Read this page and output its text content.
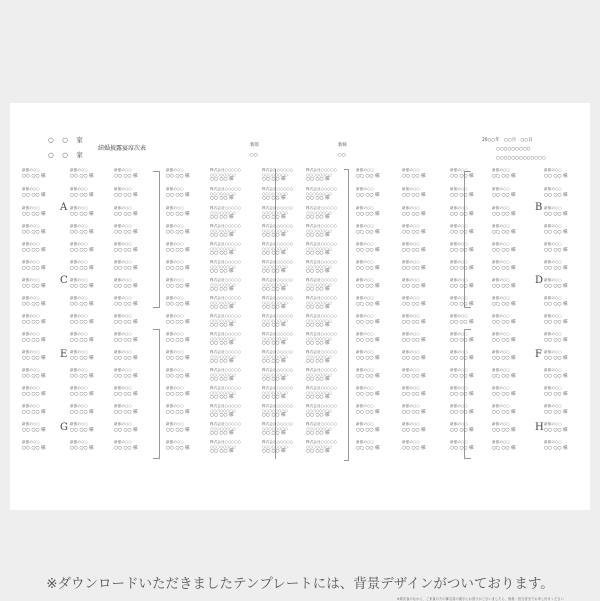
○　○　家
○　○　家
結婚披露宴席次表	新郎
○○
新婦
○○
20○○年　○○月　○○日
○○○○○○○○○
○○○○○○○○○○○○○
A	B
C	D
E	F
G	H
新郎の○○
○○ ○○ 様
新郎の○○
○○ ○○ 様
新郎の○○
○○ ○○ 様
新郎の○○
○○ ○○ 様
新郎の○○
○○ ○○ 様
新郎の○○
○○ ○○ 様
新郎の○○
○○ ○○ 様
新郎の○○
○○ ○○ 様
新郎の○○
○○ ○○ 様
新郎の○○
○○ ○○ 様
新郎の○○
○○ ○○ 様
新郎の○○
○○ ○○ 様
新郎の○○
○○ ○○ 様
新郎の○○
○○ ○○ 様
新郎の○○
○○ ○○ 様
新郎の○○
○○ ○○ 様
新郎の○○
○○ ○○ 様
新郎の○○
○○ ○○ 様
新郎の○○
○○ ○○ 様
新郎の○○
○○ ○○ 様
新郎の○○
○○ ○○ 様
新郎の○○
○○ ○○ 様
新郎の○○
○○ ○○ 様
新郎の○○
○○ ○○ 様
新郎の○○
○○ ○○ 様
新郎の○○
○○ ○○ 様
新郎の○○
○○ ○○ 様
新郎の○○
○○ ○○ 様
新郎の○○
○○ ○○ 様
新郎の○○
○○ ○○ 様
新郎の○○
○○ ○○ 様
新郎の○○
○○ ○○ 様
新郎の○○
○○ ○○ 様
新郎の○○
○○ ○○ 様
新郎の○○
○○ ○○ 様
新郎の○○
○○ ○○ 様
新郎の○○
○○ ○○ 様
新郎の○○
○○ ○○ 様
新郎の○○
○○ ○○ 様
新郎の○○
○○ ○○ 様
新郎の○○
○○ ○○ 様
新郎の○○
○○ ○○ 様
新郎の○○
○○ ○○ 様
新郎の○○
○○ ○○ 様
新郎の○○
○○ ○○ 様
新郎の○○
○○ ○○ 様
新郎の○○
○○ ○○ 様
新郎の○○
○○ ○○ 様
新郎の○○
○○ ○○ 様
新郎の○○
○○ ○○ 様
新郎の○○
○○ ○○ 様
新郎の○○
○○ ○○ 様
新郎の○○
○○ ○○ 様
新郎の○○
○○ ○○ 様
新郎の○○
○○ ○○ 様
新郎の○○
○○ ○○ 様
新郎の○○
○○ ○○ 様
新郎の○○
○○ ○○ 様
新郎の○○
○○ ○○ 様
新郎の○○
○○ ○○ 様
新郎の○○
○○ ○○ 様
新郎の○○
○○ ○○ 様
新郎の○○
○○ ○○ 様
新郎の○○
○○ ○○ 様
株式会社○○○○○
○○○○○○○○
○○ ○○ 様
株式会社○○○○○
○○○○○○○○
○○ ○○ 様
株式会社○○○○○
○○○○○○○○
○○ ○○ 様
株式会社○○○○○
○○○○○○○○
○○ ○○ 様
株式会社○○○○○
○○○○○○○○
○○ ○○ 様
株式会社○○○○○
○○○○○○○○
○○ ○○ 様
株式会社○○○○○
○○○○○○○○
○○ ○○ 様
株式会社○○○○○
○○○○○○○○
○○ ○○ 様
株式会社○○○○○
○○○○○○○○
○○ ○○ 様
株式会社○○○○○
○○○○○○○○
○○ ○○ 様
株式会社○○○○○
○○○○○○○○
○○ ○○ 様
株式会社○○○○○
○○○○○○○○
○○ ○○ 様
株式会社○○○○○
○○○○○○○○
○○ ○○ 様
株式会社○○○○○
○○○○○○○○
○○ ○○ 様
株式会社○○○○○
○○○○○○○○
○○ ○○ 様
株式会社○○○○○
○○○○○○○○
○○ ○○ 様
株式会社○○○○○
○○○○○○○○
○○ ○○ 様
株式会社○○○○○
○○○○○○○○
○○ ○○ 様
株式会社○○○○○
○○○○○○○○
○○ ○○ 様
株式会社○○○○○
○○○○○○○○
○○ ○○ 様
株式会社○○○○○
○○○○○○○○
○○ ○○ 様
株式会社○○○○○
○○○○○○○○
○○ ○○ 様
株式会社○○○○○
○○○○○○○○
○○ ○○ 様
株式会社○○○○○
○○○○○○○○
○○ ○○ 様
株式会社○○○○○
○○○○○○○○
○○ ○○ 様
株式会社○○○○○
○○○○○○○○
○○ ○○ 様
株式会社○○○○○
○○○○○○○○
○○ ○○ 様
株式会社○○○○○
○○○○○○○○
○○ ○○ 様
株式会社○○○○○
○○○○○○○○
○○ ○○ 様
株式会社○○○○○
○○○○○○○○
○○ ○○ 様
株式会社○○○○○
○○○○○○○○
○○ ○○ 様
株式会社○○○○○
○○○○○○○○
○○ ○○ 様
株式会社○○○○○
○○○○○○○○
○○ ○○ 様
株式会社○○○○○
○○○○○○○○
○○ ○○ 様
株式会社○○○○○
○○○○○○○○
○○ ○○ 様
株式会社○○○○○
○○○○○○○○
○○ ○○ 様
株式会社○○○○○
○○○○○○○○
○○ ○○ 様
株式会社○○○○○
○○○○○○○○
○○ ○○ 様
株式会社○○○○○
○○○○○○○○
○○ ○○ 様
株式会社○○○○○
○○○○○○○○
○○ ○○ 様
株式会社○○○○○
○○○○○○○○
○○ ○○ 様
株式会社○○○○○
○○○○○○○○
○○ ○○ 様
株式会社○○○○○
○○○○○○○○
○○ ○○ 様
株式会社○○○○○
○○○○○○○○
○○ ○○ 様
株式会社○○○○○
○○○○○○○○
○○ ○○ 様
株式会社○○○○○
○○○○○○○○
○○ ○○ 様
株式会社○○○○○
○○○○○○○○
○○ ○○ 様
株式会社○○○○○
○○○○○○○○
○○ ○○ 様
新郎の○○
○○ ○○ 様
新郎の○○
○○ ○○ 様
新郎の○○
○○ ○○ 様
新郎の○○
○○ ○○ 様
新郎の○○
○○ ○○ 様
新郎の○○
○○ ○○ 様
新郎の○○
○○ ○○ 様
新郎の○○
○○ ○○ 様
新郎の○○
○○ ○○ 様
新郎の○○
○○ ○○ 様
新郎の○○
○○ ○○ 様
新郎の○○
○○ ○○ 様
新郎の○○
○○ ○○ 様
新郎の○○
○○ ○○ 様
新郎の○○
○○ ○○ 様
新郎の○○
○○ ○○ 様
新郎の○○
○○ ○○ 様
新郎の○○
○○ ○○ 様
新郎の○○
○○ ○○ 様
新郎の○○
○○ ○○ 様
新郎の○○
○○ ○○ 様
新郎の○○
○○ ○○ 様
新郎の○○
○○ ○○ 様
新郎の○○
○○ ○○ 様
新郎の○○
○○ ○○ 様
新郎の○○
○○ ○○ 様
新郎の○○
○○ ○○ 様
新郎の○○
○○ ○○ 様
新郎の○○
○○ ○○ 様
新郎の○○
○○ ○○ 様
新郎の○○
○○ ○○ 様
新郎の○○
○○ ○○ 様
新郎の○○
○○ ○○ 様
新郎の○○
○○ ○○ 様
新郎の○○
○○ ○○ 様
新郎の○○
○○ ○○ 様
新郎の○○
○○ ○○ 様
新郎の○○
○○ ○○ 様
新郎の○○
○○ ○○ 様
新郎の○○
○○ ○○ 様
新郎の○○
○○ ○○ 様
新郎の○○
○○ ○○ 様
新郎の○○
○○ ○○ 様
新郎の○○
○○ ○○ 様
新郎の○○
○○ ○○ 様
新郎の○○
○○ ○○ 様
新郎の○○
○○ ○○ 様
新郎の○○
○○ ○○ 様
新郎の○○
○○ ○○ 様
新郎の○○
○○ ○○ 様
新郎の○○
○○ ○○ 様
新郎の○○
○○ ○○ 様
新郎の○○
○○ ○○ 様
新郎の○○
○○ ○○ 様
新郎の○○
○○ ○○ 様
新郎の○○
○○ ○○ 様
新郎の○○
○○ ○○ 様
新郎の○○
○○ ○○ 様
新郎の○○
○○ ○○ 様
新郎の○○
○○ ○○ 様
新郎の○○
○○ ○○ 様
新郎の○○
○○ ○○ 様
新郎の○○
○○ ○○ 様
新郎の○○
○○ ○○ 様
新郎の○○
○○ ○○ 様
新郎の○○
○○ ○○ 様
新郎の○○
○○ ○○ 様
新郎の○○
○○ ○○ 様
新郎の○○
○○ ○○ 様
新郎の○○
○○ ○○ 様
新郎の○○
○○ ○○ 様
新郎の○○
○○ ○○ 様
新郎の○○
○○ ○○ 様
新郎の○○
○○ ○○ 様
新郎の○○
○○ ○○ 様
新郎の○○
○○ ○○ 様
新郎の○○
○○ ○○ 様
新郎の○○
○○ ○○ 様
新郎の○○
○○ ○○ 様
新郎の○○
○○ ○○ 様
※席次表のなかに、ご来賓の方の御名前の漢字にお誤りがございましたら、係員・担当者までお申し付けください
※ダウンロードいただきましたテンプレートには、背景デザインがついております。
